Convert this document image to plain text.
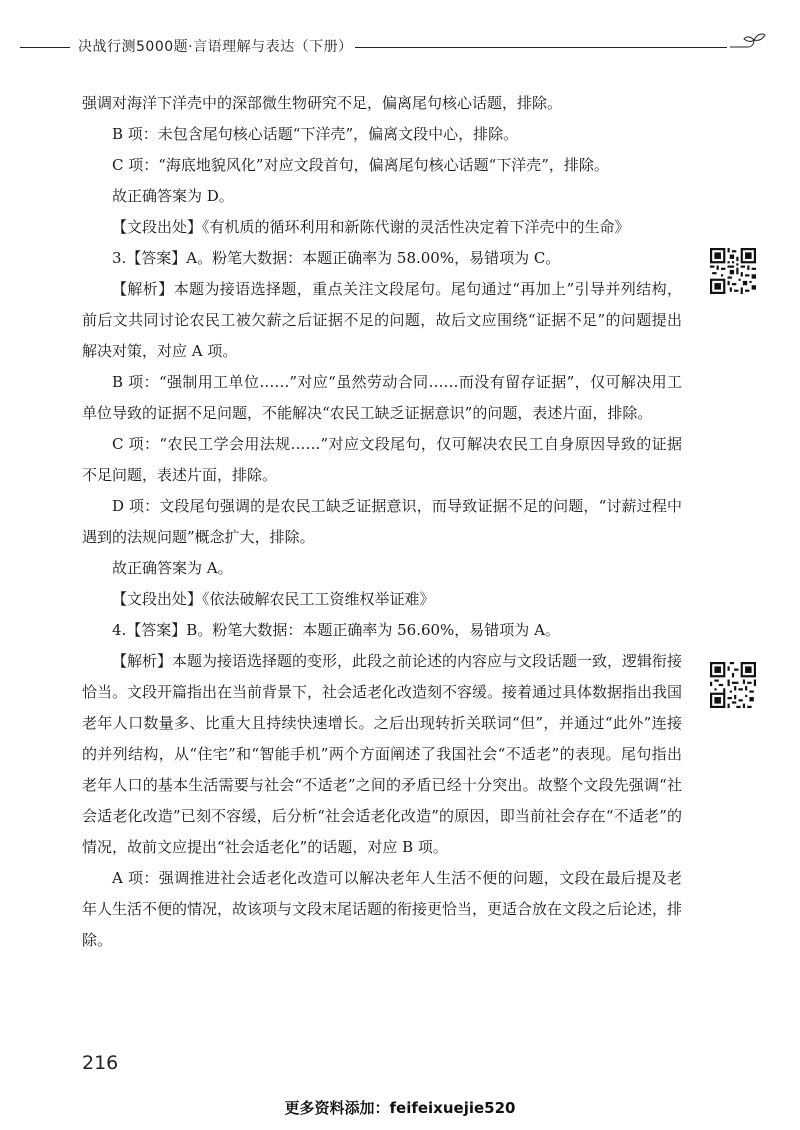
决战行测5000题·言语理解与表达（下册）

强调对海洋下洋壳中的深部微生物研究不足，偏离尾句核心话题，排除。

B 项：未包含尾句核心话题“下洋壳”，偏离文段中心，排除。

C 项：“海底地貌风化”对应文段首句，偏离尾句核心话题“下洋壳”，排除。

故正确答案为 D。

【文段出处】《有机质的循环利用和新陈代谢的灵活性决定着下洋壳中的生命》

3.【答案】A。粉笔大数据：本题正确率为 58.00%，易错项为 C。

【解析】本题为接语选择题，重点关注文段尾句。尾句通过“再加上”引导并列结构，前后文共同讨论农民工被欠薪之后证据不足的问题，故后文应围绕“证据不足”的问题提出解决对策，对应 A 项。

B 项：“强制用工单位……”对应“虽然劳动合同……而没有留存证据”，仅可解决用工单位导致的证据不足问题，不能解决“农民工缺乏证据意识”的问题，表述片面，排除。

C 项：“农民工学会用法规……”对应文段尾句，仅可解决农民工自身原因导致的证据不足问题，表述片面，排除。

D 项：文段尾句强调的是农民工缺乏证据意识，而导致证据不足的问题，“讨薪过程中遇到的法规问题”概念扩大，排除。

故正确答案为 A。

【文段出处】《依法破解农民工工资维权举证难》

4.【答案】B。粉笔大数据：本题正确率为 56.60%，易错项为 A。

【解析】本题为接语选择题的变形，此段之前论述的内容应与文段话题一致，逻辑衔接恰当。文段开篇指出在当前背景下，社会适老化改造刻不容缓。接着通过具体数据指出我国老年人口数量多、比重大且持续快速增长。之后出现转折关联词“但”，并通过“此外”连接的并列结构，从“住宅”和“智能手机”两个方面阐述了我国社会“不适老”的表现。尾句指出老年人口的基本生活需要与社会“不适老”之间的矛盾已经十分突出。故整个文段先强调“社会适老化改造”已刻不容缓，后分析“社会适老化改造”的原因，即当前社会存在“不适老”的情况，故前文应提出“社会适老化”的话题，对应 B 项。

A 项：强调推进社会适老化改造可以解决老年人生活不便的问题，文段在最后提及老年人生活不便的情况，故该项与文段末尾话题的衔接更恰当，更适合放在文段之后论述，排除。

216
更多资料添加：feifeixuejie520
